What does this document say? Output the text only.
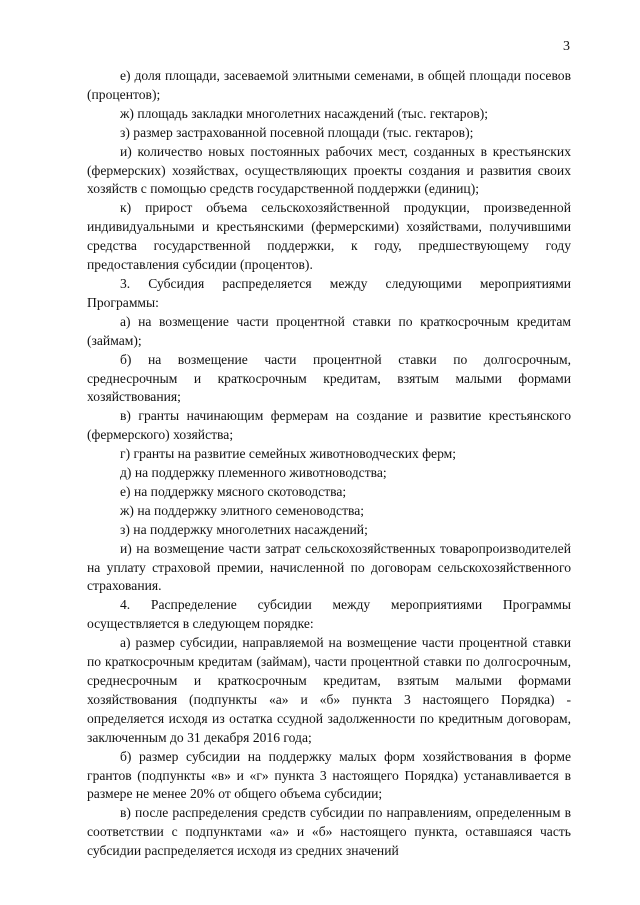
3

е) доля площади, засеваемой элитными семенами, в общей площади посевов (процентов);

ж) площадь закладки многолетних насаждений (тыс. гектаров);

з) размер застрахованной посевной площади (тыс. гектаров);

и) количество новых постоянных рабочих мест, созданных в крестьянских (фермерских) хозяйствах, осуществляющих проекты создания и развития своих хозяйств с помощью средств государственной поддержки (единиц);

к) прирост объема сельскохозяйственной продукции, произведенной индивидуальными и крестьянскими (фермерскими) хозяйствами, получившими средства государственной поддержки, к году, предшествующему году предоставления субсидии (процентов).

3. Субсидия распределяется между следующими мероприятиями Программы:

а) на возмещение части процентной ставки по краткосрочным кредитам (займам);

б) на возмещение части процентной ставки по долгосрочным, среднесрочным и краткосрочным кредитам, взятым малыми формами хозяйствования;

в) гранты начинающим фермерам на создание и развитие крестьянского (фермерского) хозяйства;

г) гранты на развитие семейных животноводческих ферм;

д) на поддержку племенного животноводства;

е) на поддержку мясного скотоводства;

ж) на поддержку элитного семеноводства;

з) на поддержку многолетних насаждений;

и) на возмещение части затрат сельскохозяйственных товаропроизводителей на уплату страховой премии, начисленной по договорам сельскохозяйственного страхования.

4. Распределение субсидии между мероприятиями Программы осуществляется в следующем порядке:

а) размер субсидии, направляемой на возмещение части процентной ставки по краткосрочным кредитам (займам), части процентной ставки по долгосрочным, среднесрочным и краткосрочным кредитам, взятым малыми формами хозяйствования (подпункты «а» и «б» пункта 3 настоящего Порядка) - определяется исходя из остатка ссудной задолженности по кредитным договорам, заключенным до 31 декабря 2016 года;

б) размер субсидии на поддержку малых форм хозяйствования в форме грантов (подпункты «в» и «г» пункта 3 настоящего Порядка) устанавливается в размере не менее 20% от общего объема субсидии;

в) после распределения средств субсидии по направлениям, определенным в соответствии с подпунктами «а» и «б» настоящего пункта, оставшаяся часть субсидии распределяется исходя из средних значений
